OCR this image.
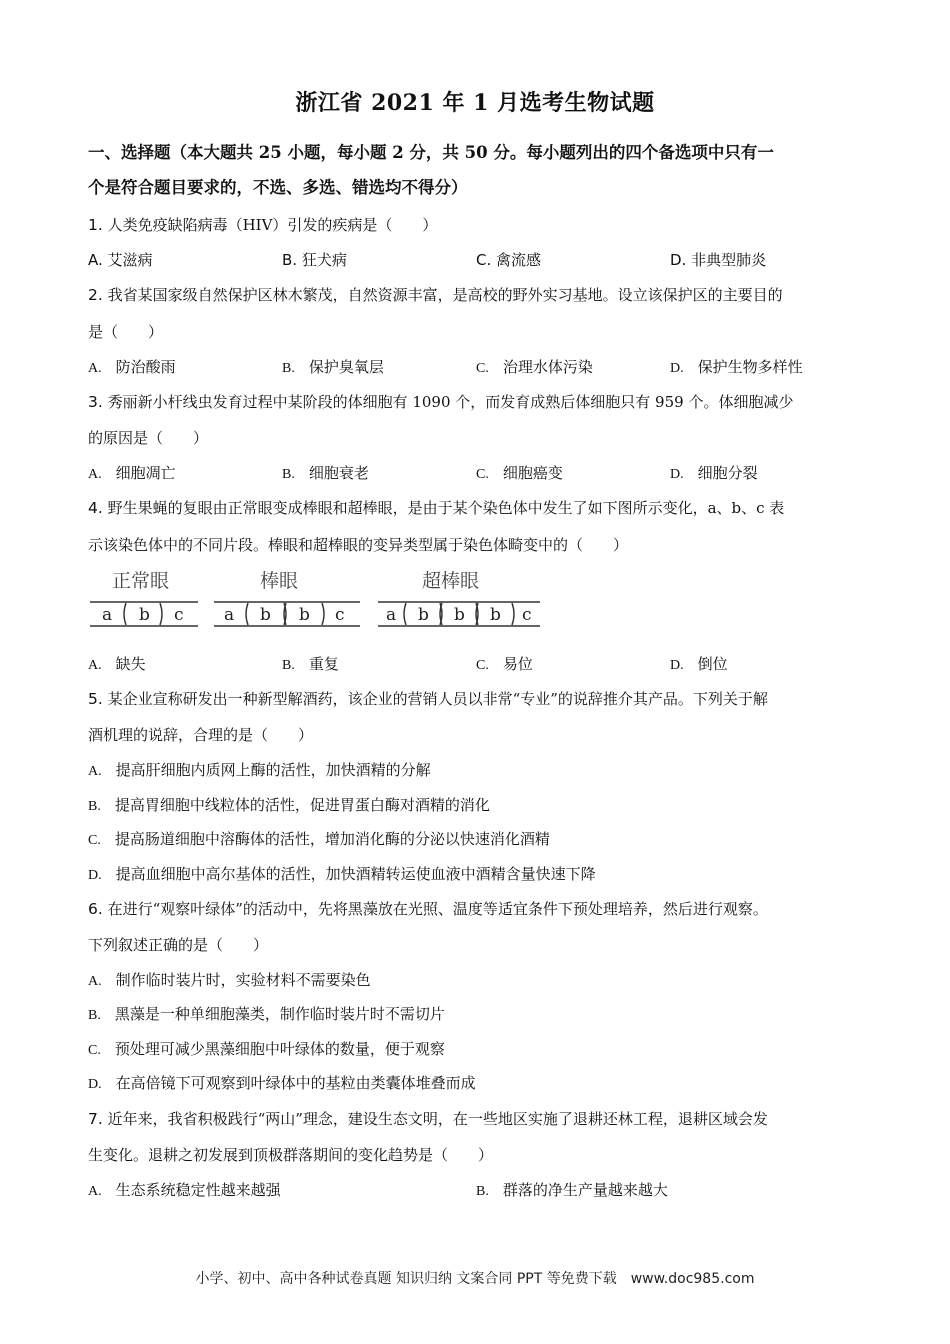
浙江省 2021 年 1 月选考生物试题
一、选择题（本大题共 25 小题，每小题 2 分，共 50 分。每小题列出的四个备选项中只有一
个是符合题目要求的，不选、多选、错选均不得分）
1. 人类免疫缺陷病毒（HIV）引发的疾病是（　　）
A. 艾滋病	B. 狂犬病	C. 禽流感	D. 非典型肺炎
2. 我省某国家级自然保护区林木繁茂，自然资源丰富，是高校的野外实习基地。设立该保护区的主要目的
是（　　）
A. 防治酸雨	B. 保护臭氧层	C. 治理水体污染	D. 保护生物多样性
3. 秀丽新小杆线虫发育过程中某阶段的体细胞有 1090 个，而发育成熟后体细胞只有 959 个。体细胞减少
的原因是（　　）
A. 细胞凋亡	B. 细胞衰老	C. 细胞癌变	D. 细胞分裂
4. 野生果蝇的复眼由正常眼变成棒眼和超棒眼，是由于某个染色体中发生了如下图所示变化，a、b、c 表
示该染色体中的不同片段。棒眼和超棒眼的变异类型属于染色体畸变中的（　　）
正常眼	棒眼	超棒眼
a b c a b b c a b b b c
A. 缺失	B. 重复	C. 易位	D. 倒位
5. 某企业宣称研发出一种新型解酒药，该企业的营销人员以非常“专业”的说辞推介其产品。下列关于解
酒机理的说辞，合理的是（　　）
A. 提高肝细胞内质网上酶的活性，加快酒精的分解
B. 提高胃细胞中线粒体的活性，促进胃蛋白酶对酒精的消化
C. 提高肠道细胞中溶酶体的活性，增加消化酶的分泌以快速消化酒精
D. 提高血细胞中高尔基体的活性，加快酒精转运使血液中酒精含量快速下降
6. 在进行“观察叶绿体”的活动中，先将黑藻放在光照、温度等适宜条件下预处理培养，然后进行观察。
下列叙述正确的是（　　）
A. 制作临时装片时，实验材料不需要染色
B. 黑藻是一种单细胞藻类，制作临时装片时不需切片
C. 预处理可减少黑藻细胞中叶绿体的数量，便于观察
D. 在高倍镜下可观察到叶绿体中的基粒由类囊体堆叠而成
7. 近年来，我省积极践行“两山”理念，建设生态文明，在一些地区实施了退耕还林工程，退耕区域会发
生变化。退耕之初发展到顶极群落期间的变化趋势是（　　）
A. 生态系统稳定性越来越强	B. 群落的净生产量越来越大
小学、初中、高中各种试卷真题 知识归纳 文案合同 PPT 等免费下载　www.doc985.com
